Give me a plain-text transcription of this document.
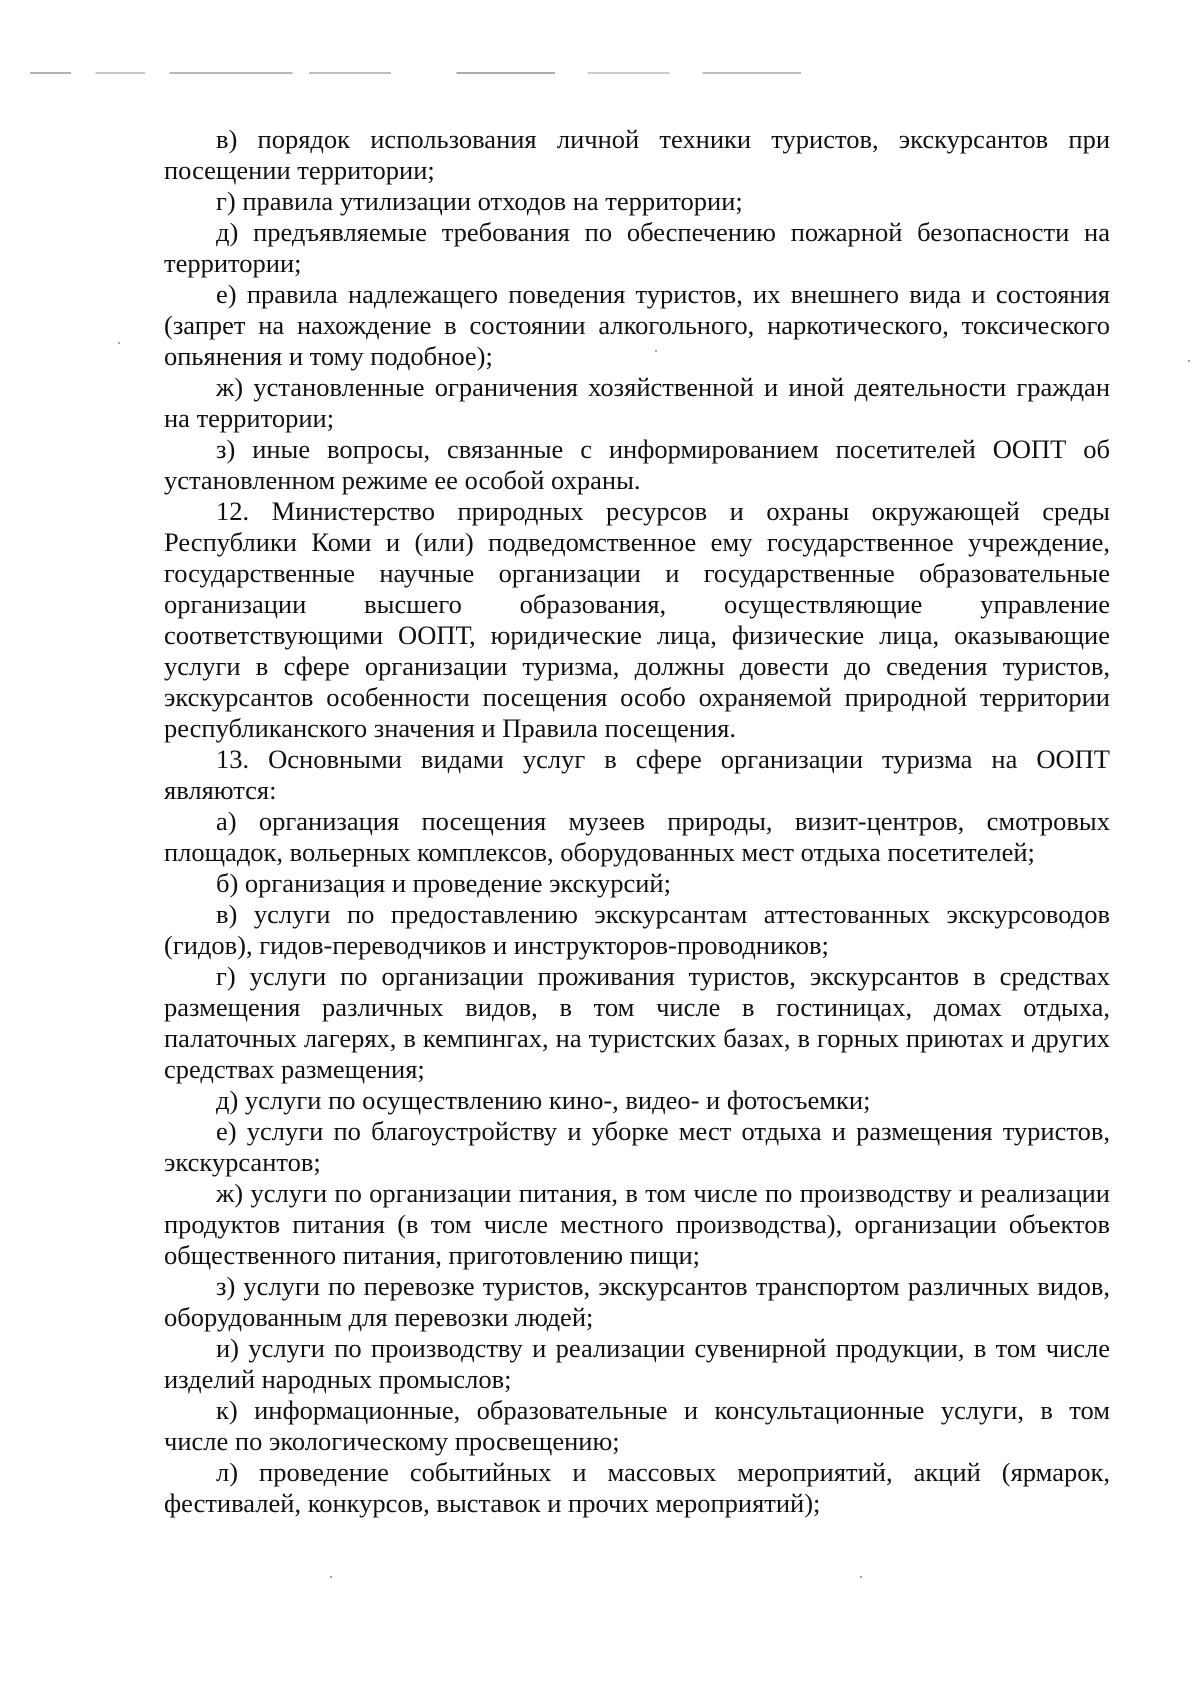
в) порядок использования личной техники туристов, экскурсантов при посещении территории;

г) правила утилизации отходов на территории;

д) предъявляемые требования по обеспечению пожарной безопасности на территории;

е) правила надлежащего поведения туристов, их внешнего вида и состояния (запрет на нахождение в состоянии алкогольного, наркотического, токсического опьянения и тому подобное);

ж) установленные ограничения хозяйственной и иной деятельности граждан на территории;

з) иные вопросы, связанные с информированием посетителей ООПТ об установленном режиме ее особой охраны.

12. Министерство природных ресурсов и охраны окружающей среды Республики Коми и (или) подведомственное ему государственное учреждение, государственные научные организации и государственные образовательные организации высшего образования, осуществляющие управление соответствующими ООПТ, юридические лица, физические лица, оказывающие услуги в сфере организации туризма, должны довести до сведения туристов, экскурсантов особенности посещения особо охраняемой природной территории республиканского значения и Правила посещения.

13. Основными видами услуг в сфере организации туризма на ООПТ являются:

а) организация посещения музеев природы, визит-центров, смотровых площадок, вольерных комплексов, оборудованных мест отдыха посетителей;

б) организация и проведение экскурсий;

в) услуги по предоставлению экскурсантам аттестованных экскурсоводов (гидов), гидов-переводчиков и инструкторов-проводников;

г) услуги по организации проживания туристов, экскурсантов в средствах размещения различных видов, в том числе в гостиницах, домах отдыха, палаточных лагерях, в кемпингах, на туристских базах, в горных приютах и других средствах размещения;

д) услуги по осуществлению кино-, видео- и фотосъемки;

е) услуги по благоустройству и уборке мест отдыха и размещения туристов, экскурсантов;

ж) услуги по организации питания, в том числе по производству и реализации продуктов питания (в том числе местного производства), организации объектов общественного питания, приготовлению пищи;

з) услуги по перевозке туристов, экскурсантов транспортом различных видов, оборудованным для перевозки людей;

и) услуги по производству и реализации сувенирной продукции, в том числе изделий народных промыслов;

к) информационные, образовательные и консультационные услуги, в том числе по экологическому просвещению;

л) проведение событийных и массовых мероприятий, акций (ярмарок, фестивалей, конкурсов, выставок и прочих мероприятий);
